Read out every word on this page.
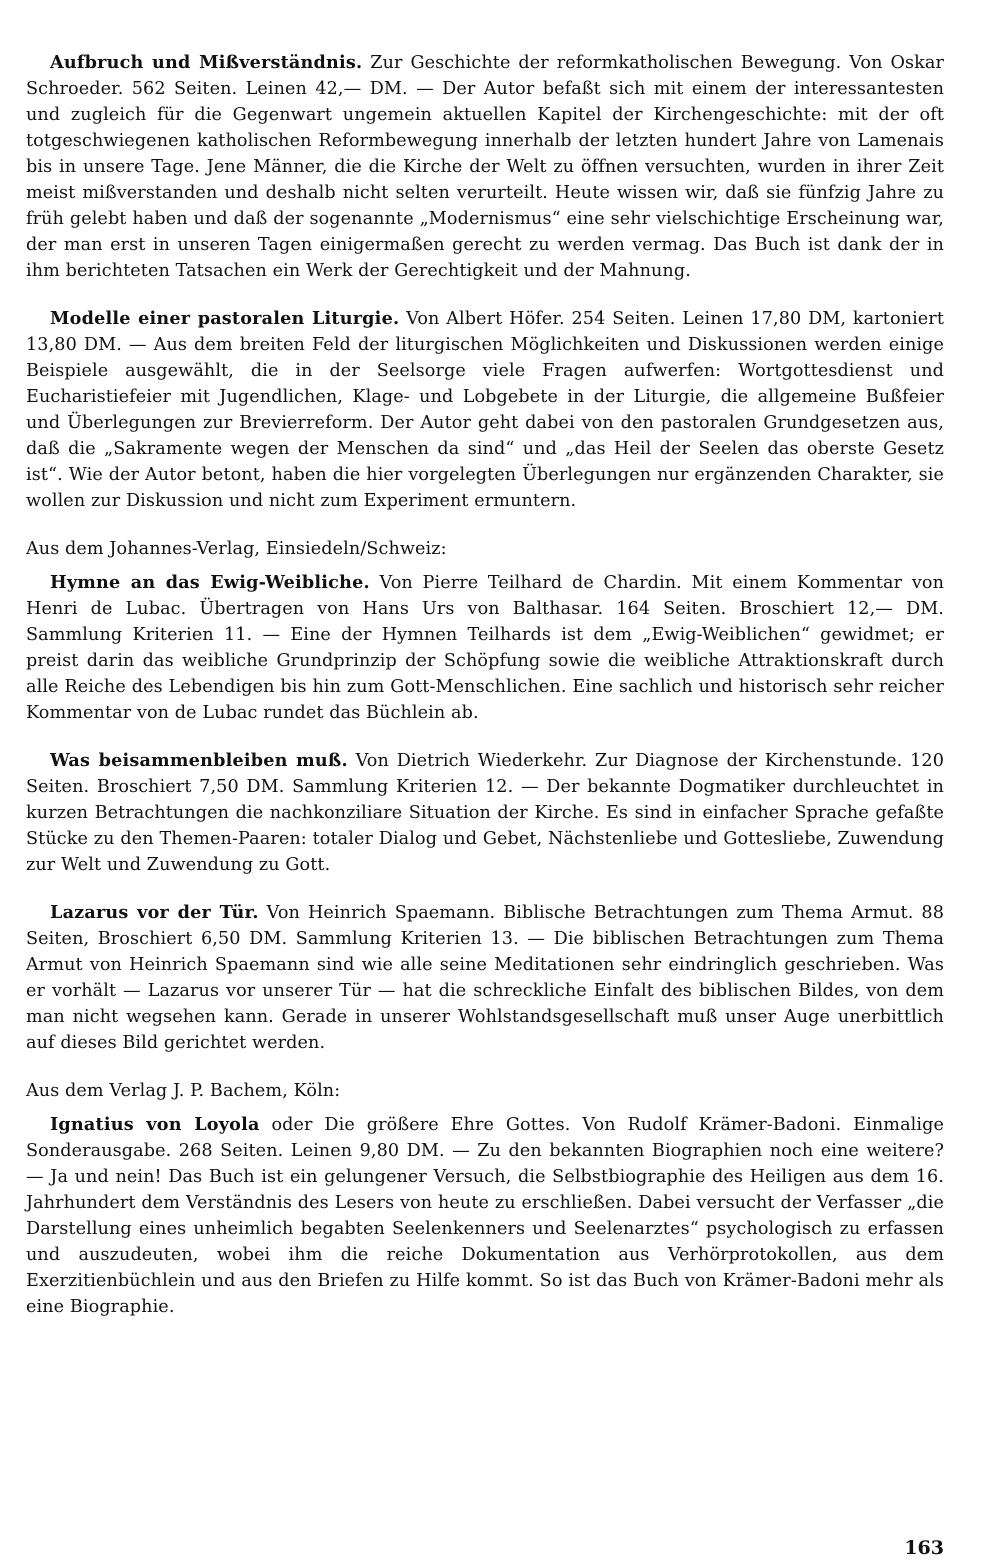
Aufbruch und Mißverständnis. Zur Geschichte der reformkatholischen Bewegung. Von Oskar Schroeder. 562 Seiten. Leinen 42,— DM. — Der Autor befaßt sich mit einem der interessantesten und zugleich für die Gegenwart ungemein aktuellen Kapitel der Kirchengeschichte: mit der oft totgeschwiegenen katholischen Reformbewegung innerhalb der letzten hundert Jahre von Lamenais bis in unsere Tage. Jene Männer, die die Kirche der Welt zu öffnen versuchten, wurden in ihrer Zeit meist mißverstanden und deshalb nicht selten verurteilt. Heute wissen wir, daß sie fünfzig Jahre zu früh gelebt haben und daß der sogenannte „Modernismus“ eine sehr vielschichtige Erscheinung war, der man erst in unseren Tagen einigermaßen gerecht zu werden vermag. Das Buch ist dank der in ihm berichteten Tatsachen ein Werk der Gerechtigkeit und der Mahnung.

Modelle einer pastoralen Liturgie. Von Albert Höfer. 254 Seiten. Leinen 17,80 DM, kartoniert 13,80 DM. — Aus dem breiten Feld der liturgischen Möglichkeiten und Diskussionen werden einige Beispiele ausgewählt, die in der Seelsorge viele Fragen aufwerfen: Wortgottesdienst und Eucharistiefeier mit Jugendlichen, Klage- und Lobgebete in der Liturgie, die allgemeine Bußfeier und Überlegungen zur Brevierreform. Der Autor geht dabei von den pastoralen Grundgesetzen aus, daß die „Sakramente wegen der Menschen da sind“ und „das Heil der Seelen das oberste Gesetz ist“. Wie der Autor betont, haben die hier vorgelegten Überlegungen nur ergänzenden Charakter, sie wollen zur Diskussion und nicht zum Experiment ermuntern.

Aus dem Johannes-Verlag, Einsiedeln/Schweiz:

Hymne an das Ewig-Weibliche. Von Pierre Teilhard de Chardin. Mit einem Kommentar von Henri de Lubac. Übertragen von Hans Urs von Balthasar. 164 Seiten. Broschiert 12,— DM. Sammlung Kriterien 11. — Eine der Hymnen Teilhards ist dem „Ewig-Weiblichen“ gewidmet; er preist darin das weibliche Grundprinzip der Schöpfung sowie die weibliche Attraktionskraft durch alle Reiche des Lebendigen bis hin zum Gott-Menschlichen. Eine sachlich und historisch sehr reicher Kommentar von de Lubac rundet das Büchlein ab.

Was beisammenbleiben muß. Von Dietrich Wiederkehr. Zur Diagnose der Kirchenstunde. 120 Seiten. Broschiert 7,50 DM. Sammlung Kriterien 12. — Der bekannte Dogmatiker durchleuchtet in kurzen Betrachtungen die nachkonziliare Situation der Kirche. Es sind in einfacher Sprache gefaßte Stücke zu den Themen-Paaren: totaler Dialog und Gebet, Nächstenliebe und Gottesliebe, Zuwendung zur Welt und Zuwendung zu Gott.

Lazarus vor der Tür. Von Heinrich Spaemann. Biblische Betrachtungen zum Thema Armut. 88 Seiten, Broschiert 6,50 DM. Sammlung Kriterien 13. — Die biblischen Betrachtungen zum Thema Armut von Heinrich Spaemann sind wie alle seine Meditationen sehr eindringlich geschrieben. Was er vorhält — Lazarus vor unserer Tür — hat die schreckliche Einfalt des biblischen Bildes, von dem man nicht wegsehen kann. Gerade in unserer Wohlstandsgesellschaft muß unser Auge unerbittlich auf dieses Bild gerichtet werden.

Aus dem Verlag J. P. Bachem, Köln:

Ignatius von Loyola oder Die größere Ehre Gottes. Von Rudolf Krämer-Badoni. Einmalige Sonderausgabe. 268 Seiten. Leinen 9,80 DM. — Zu den bekannten Biographien noch eine weitere? — Ja und nein! Das Buch ist ein gelungener Versuch, die Selbstbiographie des Heiligen aus dem 16. Jahrhundert dem Verständnis des Lesers von heute zu erschließen. Dabei versucht der Verfasser „die Darstellung eines unheimlich begabten Seelenkenners und Seelenarztes“ psychologisch zu erfassen und auszudeuten, wobei ihm die reiche Dokumentation aus Verhörprotokollen, aus dem Exerzitienbüchlein und aus den Briefen zu Hilfe kommt. So ist das Buch von Krämer-Badoni mehr als eine Biographie.

163
